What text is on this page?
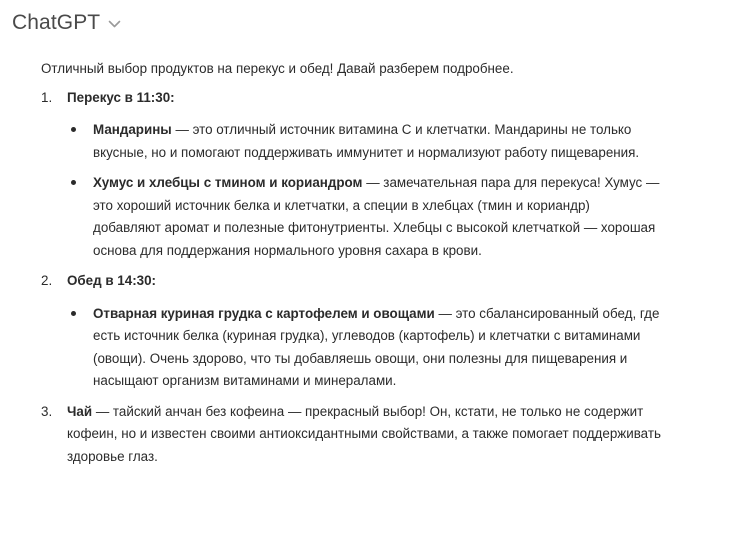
ChatGPT

Отличный выбор продуктов на перекус и обед! Давай разберем подробнее.

1.	Перекус в 11:30:
Мандарины — это отличный источник витамина С и клетчатки. Мандарины не только вкусные, но и помогают поддерживать иммунитет и нормализуют работу пищеварения.
Хумус и хлебцы с тмином и кориандром — замечательная пара для перекуса! Хумус — это хороший источник белка и клетчатки, а специи в хлебцах (тмин и кориандр) добавляют аромат и полезные фитонутриенты. Хлебцы с высокой клетчаткой — хорошая основа для поддержания нормального уровня сахара в крови.
2.	Обед в 14:30:
Отварная куриная грудка с картофелем и овощами — это сбалансированный обед, где есть источник белка (куриная грудка), углеводов (картофель) и клетчатки с витаминами (овощи). Очень здорово, что ты добавляешь овощи, они полезны для пищеварения и насыщают организм витаминами и минералами.
3.	Чай — тайский анчан без кофеина — прекрасный выбор! Он, кстати, не только не содержит кофеин, но и известен своими антиоксидантными свойствами, а также помогает поддерживать здоровье глаз.
